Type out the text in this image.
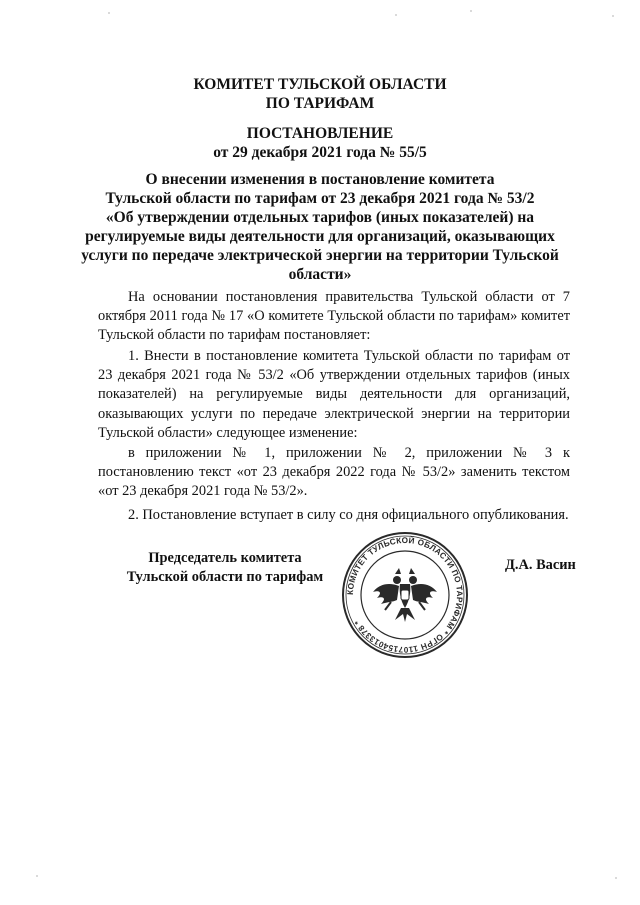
КОМИТЕТ ТУЛЬСКОЙ ОБЛАСТИ
ПО ТАРИФАМ
ПОСТАНОВЛЕНИЕ
от 29 декабря 2021 года № 55/5
О внесении изменения в постановление комитета
Тульской области по тарифам от 23 декабря 2021 года № 53/2
«Об утверждении отдельных тарифов (иных показателей) на
регулируемые виды деятельности для организаций, оказывающих
услуги по передаче электрической энергии на территории Тульской
области»
На основании постановления правительства Тульской области от 7 октября 2011 года № 17 «О комитете Тульской области по тарифам» комитет Тульской области по тарифам постановляет:
1. Внести в постановление комитета Тульской области по тарифам от 23 декабря 2021 года № 53/2 «Об утверждении отдельных тарифов (иных показателей) на регулируемые виды деятельности для организаций, оказывающих услуги по передаче электрической энергии на территории Тульской области» следующее изменение:
в приложении № 1, приложении № 2, приложении № 3 к постановлению текст «от 23 декабря 2022 года № 53/2» заменить текстом «от 23 декабря 2021 года № 53/2».
2. Постановление вступает в силу со дня официального опубликования.
Председатель комитета
Тульской области по тарифам
КОМИТЕТ ТУЛЬСКОЙ ОБЛАСТИ ПО ТАРИФАМ * ОГРН 1107154013378 *
Д.А. Васин
